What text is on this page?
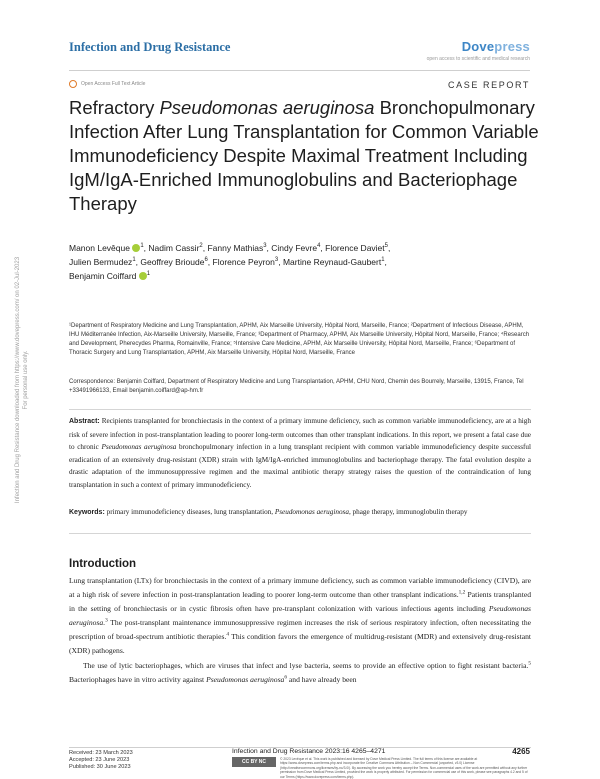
Infection and Drug Resistance	Dovepress
open access to scientific and medical research
Open Access Full Text Article	CASE REPORT
Refractory Pseudomonas aeruginosa Bronchopulmonary Infection After Lung Transplantation for Common Variable Immunodeficiency Despite Maximal Treatment Including IgM/IgA-Enriched Immunoglobulins and Bacteriophage Therapy
Manon Levêque $^1$, Nadim Cassir$^2$, Fanny Mathias$^3$, Cindy Fevre$^4$, Florence Daviet$^5$,
Julien Bermudez$^1$, Geoffrey Brioude$^6$, Florence Peyron$^3$, Martine Reynaud-Gaubert$^1$,
Benjamin Coiffard $^1$
¹Department of Respiratory Medicine and Lung Transplantation, APHM, Aix Marseille University, Hôpital Nord, Marseille, France; ²Department of Infectious Disease, APHM, IHU Méditerranée Infection, Aix-Marseille University, Marseille, France; ³Department of Pharmacy, APHM, Aix Marseille University, Hôpital Nord, Marseille, France; ⁴Research and Development, Pherecydes Pharma, Romainville, France; ⁵Intensive Care Medicine, APHM, Aix Marseille University, Hôpital Nord, Marseille, France; ⁶Department of Thoracic Surgery and Lung Transplantation, APHM, Aix Marseille University, Hôpital Nord, Marseille, France
Correspondence: Benjamin Coiffard, Department of Respiratory Medicine and Lung Transplantation, APHM, CHU Nord, Chemin des Bourrely, Marseille, 13915, France, Tel +33491966133, Email benjamin.coiffard@ap-hm.fr
Abstract: Recipients transplanted for bronchiectasis in the context of a primary immune deficiency, such as common variable immunodeficiency, are at a high risk of severe infection in post-transplantation leading to poorer long-term outcomes than other transplant indications. In this report, we present a fatal case due to chronic Pseudomonas aeruginosa bronchopulmonary infection in a lung transplant recipient with common variable immunodeficiency despite successful eradication of an extensively drug-resistant (XDR) strain with IgM/IgA-enriched immunoglobulins and bacteriophage therapy. The fatal evolution despite a drastic adaptation of the immunosuppressive regimen and the maximal antibiotic therapy strategy raises the question of the contraindication of lung transplantation in such a context of primary immunodeficiency.
Keywords: primary immunodeficiency diseases, lung transplantation, Pseudomonas aeruginosa, phage therapy, immunoglobulin therapy
Introduction

Lung transplantation (LTx) for bronchiectasis in the context of a primary immune deficiency, such as common variable immunodeficiency (CIVD), are at a high risk of severe infection in post-transplantation leading to poorer long-term outcome than other transplant indications.$^{1,2}$ Patients transplanted in the setting of bronchiectasis or in cystic fibrosis often have pre-transplant colonization with various infectious agents including Pseudomonas aeruginosa.$^3$ The post-transplant maintenance immunosuppressive regimen increases the risk of serious respiratory infection, often necessitating the prescription of broad-spectrum antibiotic therapies.$^4$ This condition favors the emergence of multidrug-resistant (MDR) and extensively drug-resistant (XDR) pathogens.

The use of lytic bacteriophages, which are viruses that infect and lyse bacteria, seems to provide an effective option to fight resistant bacteria.$^5$ Bacteriophages have in vitro activity against Pseudomonas aeruginosa$^6$ and have already been

Received: 23 March 2023
Accepted: 23 June 2023
Published: 30 June 2023
Infection and Drug Resistance 2023:16 4265–4271	4265
CC BY NC	© 2023 Levêque et al. This work is published and licensed by Dove Medical Press Limited. The full terms of this license are available at https://www.dovepress.com/terms.php and incorporate the Creative Commons Attribution – Non Commercial (unported, v3.0) License (http://creativecommons.org/licenses/by-nc/3.0/). By accessing the work you hereby accept the Terms. Non-commercial uses of the work are permitted without any further permission from Dove Medical Press Limited, provided the work is properly attributed. For permission for commercial use of this work, please see paragraphs 4.2 and 5 of our Terms (https://www.dovepress.com/terms.php).
Infection and Drug Resistance downloaded from https://www.dovepress.com/ on 02-Jul-2023 For personal use only.
